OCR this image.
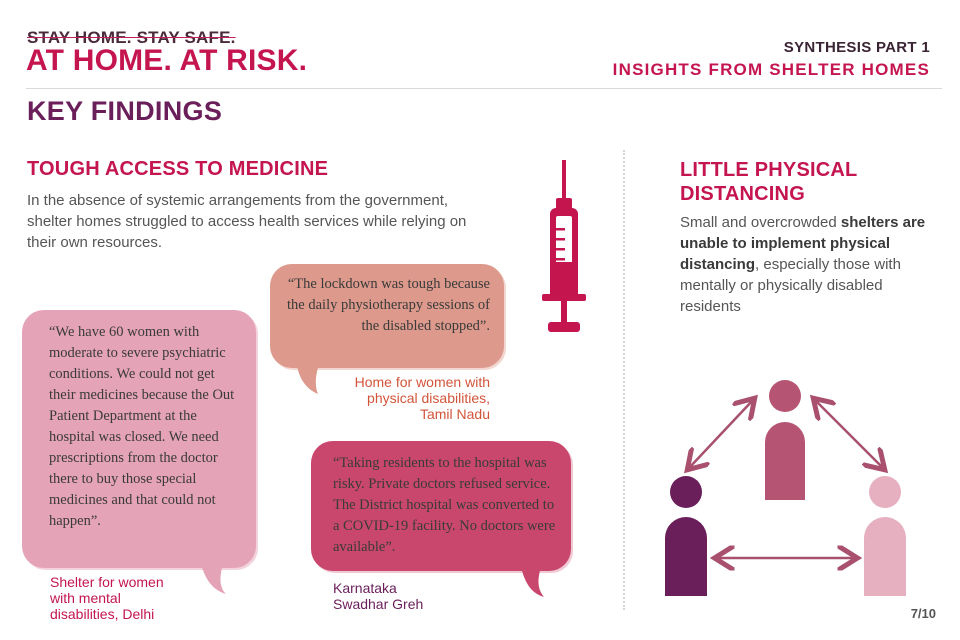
STAY HOME. STAY SAFE.
AT HOME. AT RISK.	SYNTHESIS PART 1
INSIGHTS FROM SHELTER HOMES
KEY FINDINGS
TOUGH ACCESS TO MEDICINE
In the absence of systemic arrangements from the government, shelter homes struggled to access health services while relying on their own resources.
“We have 60 women with moderate to severe psychiatric conditions. We could not get their medicines because the Out Patient Department at the hospital was closed. We need prescriptions from the doctor there to buy those special medicines and that could not happen”.
Shelter for women
with mental
disabilities, Delhi
“The lockdown was tough because the daily physiotherapy sessions of the disabled stopped”.
Home for women with
physical disabilities,
Tamil Nadu
“Taking residents to the hospital was risky. Private doctors refused service. The District hospital was converted to a COVID-19 facility. No doctors were available”.
Karnataka
Swadhar Greh
LITTLE PHYSICAL DISTANCING
Small and overcrowded shelters are unable to implement physical distancing, especially those with mentally or physically disabled residents
7/10
